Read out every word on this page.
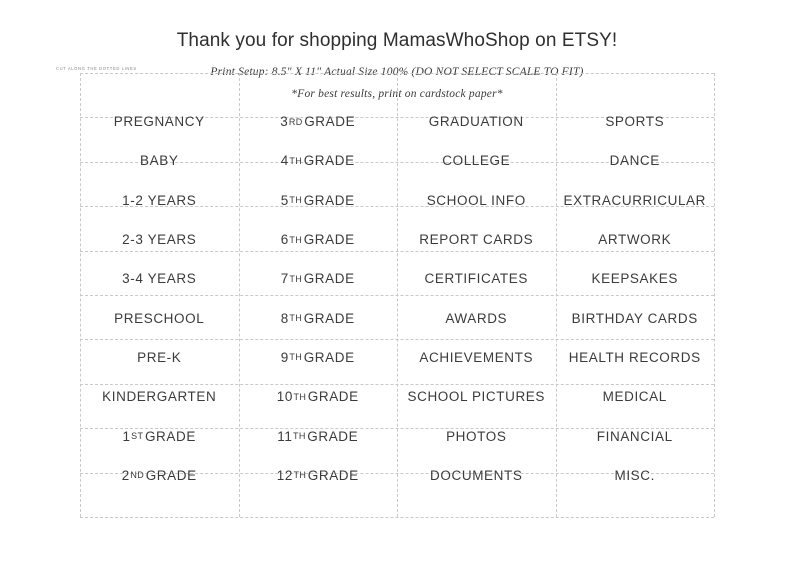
Thank you for shopping MamasWhoShop on ETSY!
Print Setup: 8.5" X 11" Actual Size 100% (DO NOT SELECT SCALE TO FIT)
*For best results, print on cardstock paper*
CUT ALONG THE DOTTED LINES
PREGNANCY	3 RD GRADE	GRADUATION	SPORTS
BABY	4 TH GRADE	COLLEGE	DANCE
1-2 YEARS	5 TH GRADE	SCHOOL INFO	EXTRACURRICULAR
2-3 YEARS	6 TH GRADE	REPORT CARDS	ARTWORK
3-4 YEARS	7 TH GRADE	CERTIFICATES	KEEPSAKES
PRESCHOOL	8 TH GRADE	AWARDS	BIRTHDAY CARDS
PRE-K	9 TH GRADE	ACHIEVEMENTS	HEALTH RECORDS
KINDERGARTEN	10 TH GRADE	SCHOOL PICTURES	MEDICAL
1 ST GRADE	11 TH GRADE	PHOTOS	FINANCIAL
2 ND GRADE	12 TH GRADE	DOCUMENTS	MISC.
